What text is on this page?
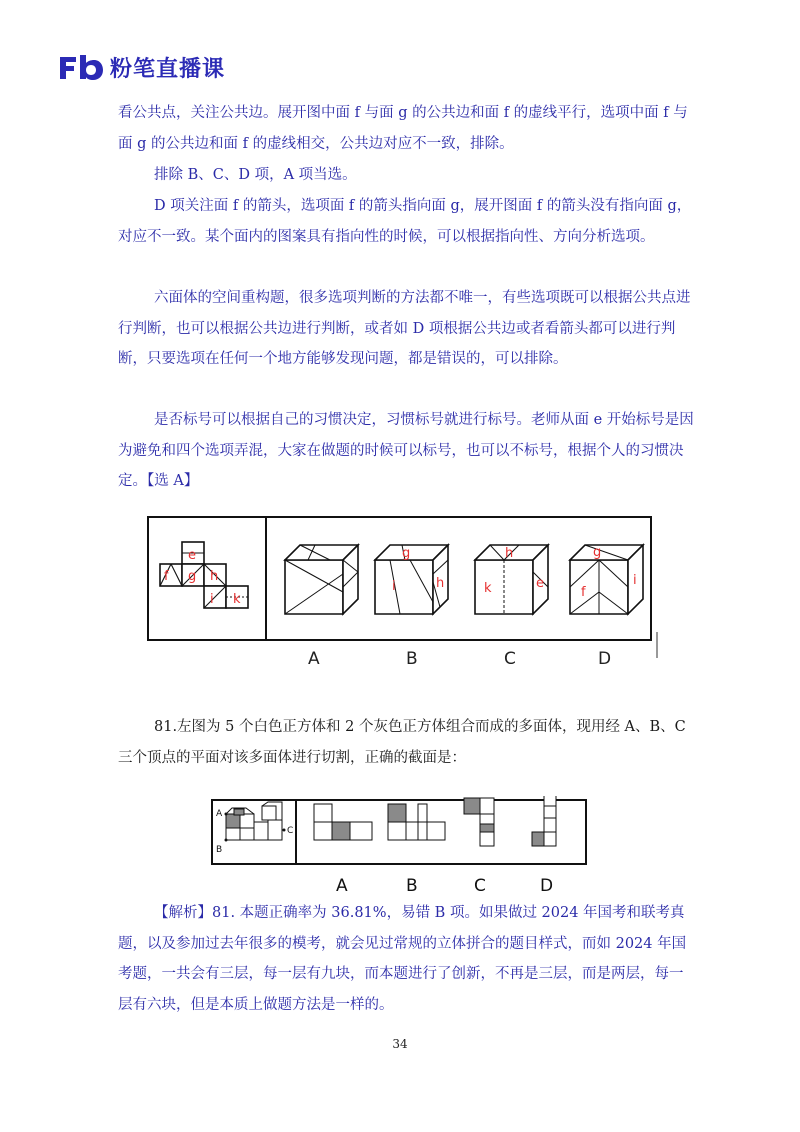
粉笔直播课

看公共点，关注公共边。展开图中面 f 与面 g 的公共边和面 f 的虚线平行，选项中面 f 与面 g 的公共边和面 f 的虚线相交，公共边对应不一致，排除。

排除 B、C、D 项，A 项当选。

D 项关注面 f 的箭头，选项面 f 的箭头指向面 g，展开图面 f 的箭头没有指向面 g，对应不一致。某个面内的图案具有指向性的时候，可以根据指向性、方向分析选项。

六面体的空间重构题，很多选项判断的方法都不唯一，有些选项既可以根据公共点进行判断，也可以根据公共边进行判断，或者如 D 项根据公共边或者看箭头都可以进行判断，只要选项在任何一个地方能够发现问题，都是错误的，可以排除。

是否标号可以根据自己的习惯决定，习惯标号就进行标号。老师从面 e 开始标号是因为避免和四个选项弄混，大家在做题的时候可以标号，也可以不标号，根据个人的习惯决定。【选 A】

e
f g h
i k
g
i	h
h
k	e
g
f
i
A	B	C	D

81.左图为 5 个白色正方体和 2 个灰色正方体组合而成的多面体，现用经 A、B、C 三个顶点的平面对该多面体进行切割，正确的截面是：

A
B
C
A	B	C	D

【解析】81. 本题正确率为 36.81%，易错 B 项。如果做过 2024 年国考和联考真题，以及参加过去年很多的模考，就会见过常规的立体拼合的题目样式，而如 2024 年国考题，一共会有三层，每一层有九块，而本题进行了创新，不再是三层，而是两层，每一层有六块，但是本质上做题方法是一样的。

34
